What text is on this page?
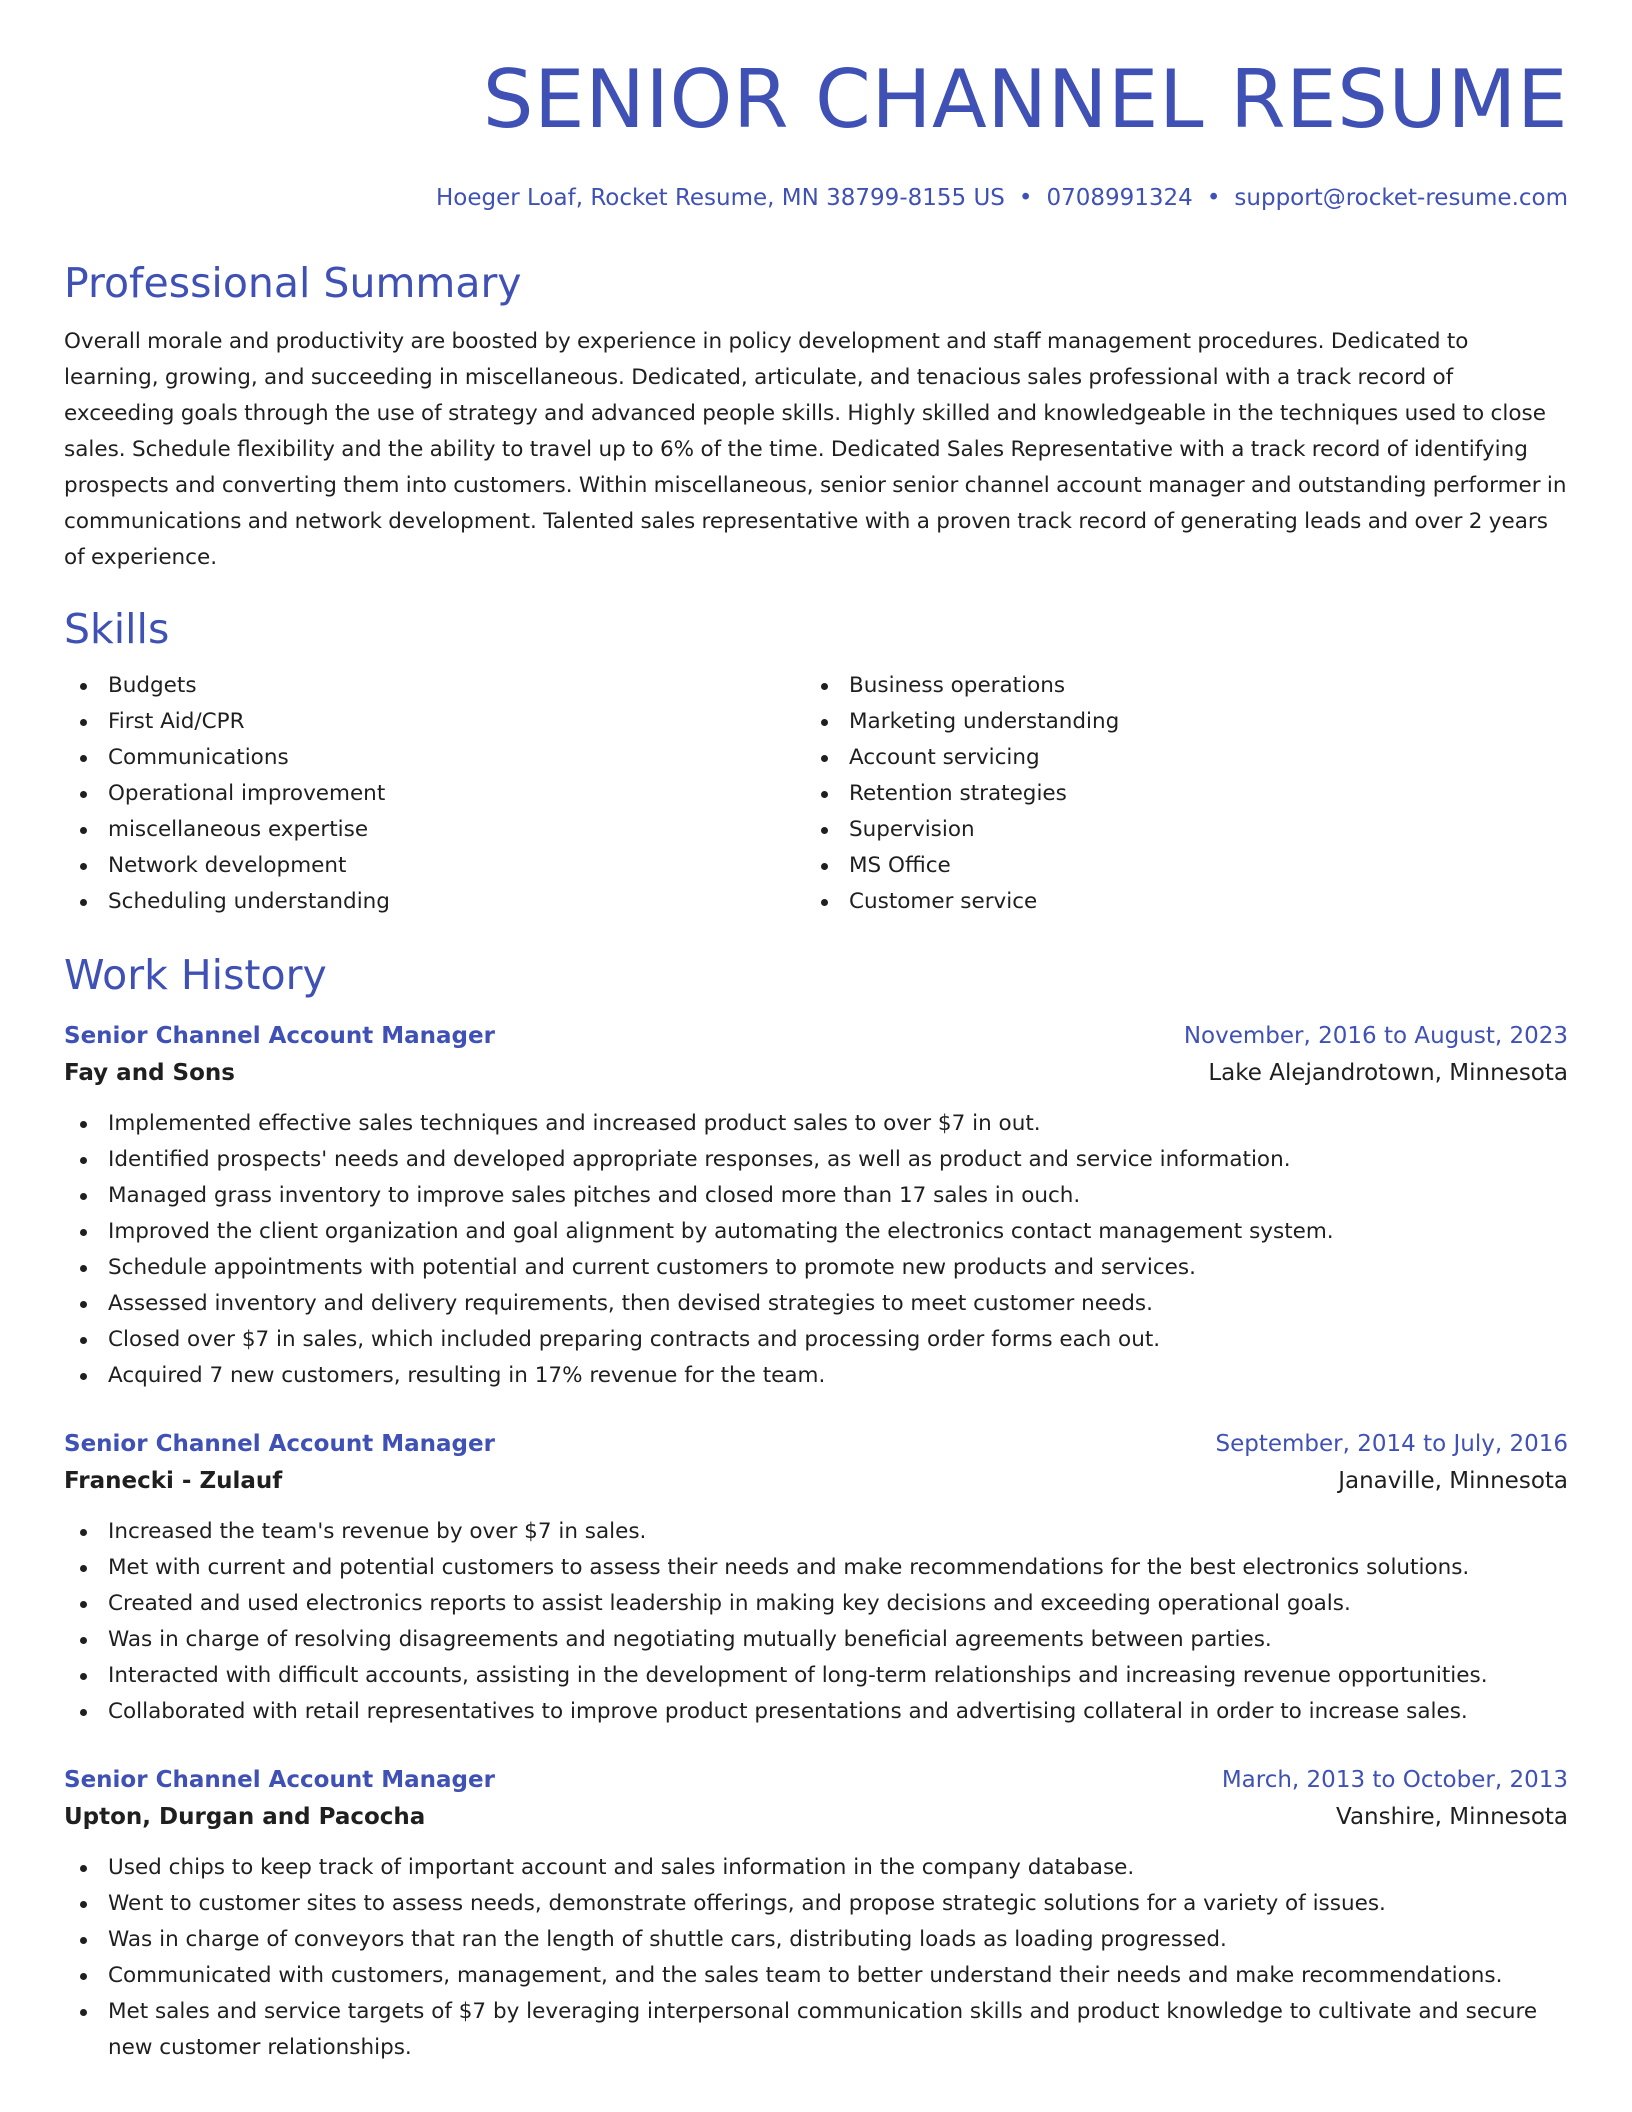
SENIOR CHANNEL RESUME
Hoeger Loaf, Rocket Resume, MN 38799-8155 US • 0708991324 • support@rocket-resume.com
Professional Summary
Overall morale and productivity are boosted by experience in policy development and staff management procedures. Dedicated to learning, growing, and succeeding in miscellaneous. Dedicated, articulate, and tenacious sales professional with a track record of exceeding goals through the use of strategy and advanced people skills. Highly skilled and knowledgeable in the techniques used to close sales. Schedule flexibility and the ability to travel up to 6% of the time. Dedicated Sales Representative with a track record of identifying prospects and converting them into customers. Within miscellaneous, senior senior channel account manager and outstanding performer in communications and network development. Talented sales representative with a proven track record of generating leads and over 2 years of experience.
Skills
Budgets
First Aid/CPR
Communications
Operational improvement
miscellaneous expertise
Network development
Scheduling understanding
Business operations
Marketing understanding
Account servicing
Retention strategies
Supervision
MS Office
Customer service
Work History
Senior Channel Account Manager	November, 2016 to August, 2023
Fay and Sons	Lake Alejandrotown, Minnesota
Implemented effective sales techniques and increased product sales to over $7 in out.
Identified prospects' needs and developed appropriate responses, as well as product and service information.
Managed grass inventory to improve sales pitches and closed more than 17 sales in ouch.
Improved the client organization and goal alignment by automating the electronics contact management system.
Schedule appointments with potential and current customers to promote new products and services.
Assessed inventory and delivery requirements, then devised strategies to meet customer needs.
Closed over $7 in sales, which included preparing contracts and processing order forms each out.
Acquired 7 new customers, resulting in 17% revenue for the team.
Senior Channel Account Manager	September, 2014 to July, 2016
Franecki - Zulauf	Janaville, Minnesota
Increased the team's revenue by over $7 in sales.
Met with current and potential customers to assess their needs and make recommendations for the best electronics solutions.
Created and used electronics reports to assist leadership in making key decisions and exceeding operational goals.
Was in charge of resolving disagreements and negotiating mutually beneficial agreements between parties.
Interacted with difficult accounts, assisting in the development of long-term relationships and increasing revenue opportunities.
Collaborated with retail representatives to improve product presentations and advertising collateral in order to increase sales.
Senior Channel Account Manager	March, 2013 to October, 2013
Upton, Durgan and Pacocha	Vanshire, Minnesota
Used chips to keep track of important account and sales information in the company database.
Went to customer sites to assess needs, demonstrate offerings, and propose strategic solutions for a variety of issues.
Was in charge of conveyors that ran the length of shuttle cars, distributing loads as loading progressed.
Communicated with customers, management, and the sales team to better understand their needs and make recommendations.
Met sales and service targets of $7 by leveraging interpersonal communication skills and product knowledge to cultivate and secure new customer relationships.
